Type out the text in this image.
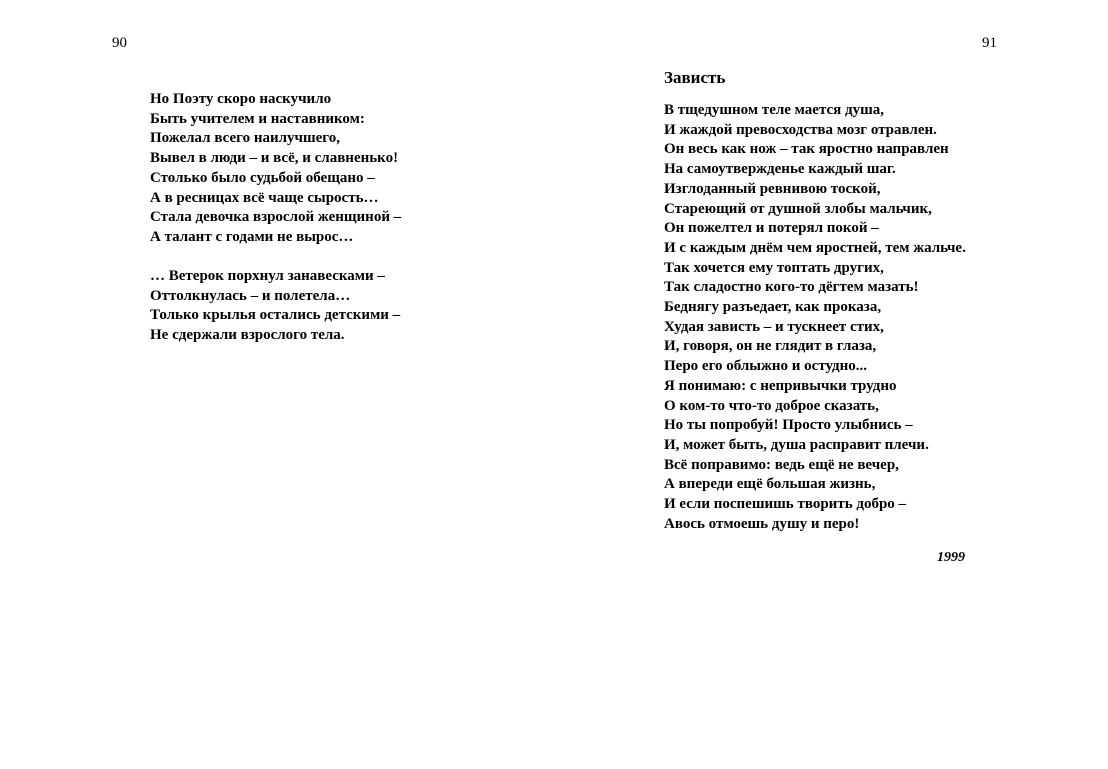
90
Но Поэту скоро наскучило
Быть учителем и наставником:
Пожелал всего наилучшего,
Вывел в люди – и всё, и славненько!
Столько было судьбой обещано –
А в ресницах всё чаще сырость…
Стала девочка взрослой женщиной –
А талант с годами не вырос…
… Ветерок порхнул занавесками –
Оттолкнулась – и полетела…
Только крылья остались детскими –
Не сдержали взрослого тела.
91
Зависть
В тщедушном теле мается душа,
И жаждой превосходства мозг отравлен.
Он весь как нож – так яростно направлен
На самоутвержденье каждый шаг.
Изглоданный ревнивою тоской,
Стареющий от душной злобы мальчик,
Он пожелтел и потерял покой –
И с каждым днём чем яростней, тем жальче.
Так хочется ему топтать других,
Так сладостно кого-то дёгтем мазать!
Беднягу разъедает, как проказа,
Худая зависть – и тускнеет стих,
И, говоря, он не глядит в глаза,
Перо его облыжно и остудно...
Я понимаю: с непривычки трудно
О ком-то что-то доброе сказать,
Но ты попробуй! Просто улыбнись –
И, может быть, душа расправит плечи.
Всё поправимо: ведь ещё не вечер,
А впереди ещё большая жизнь,
И если поспешишь творить добро –
Авось отмоешь душу и перо!
1999
